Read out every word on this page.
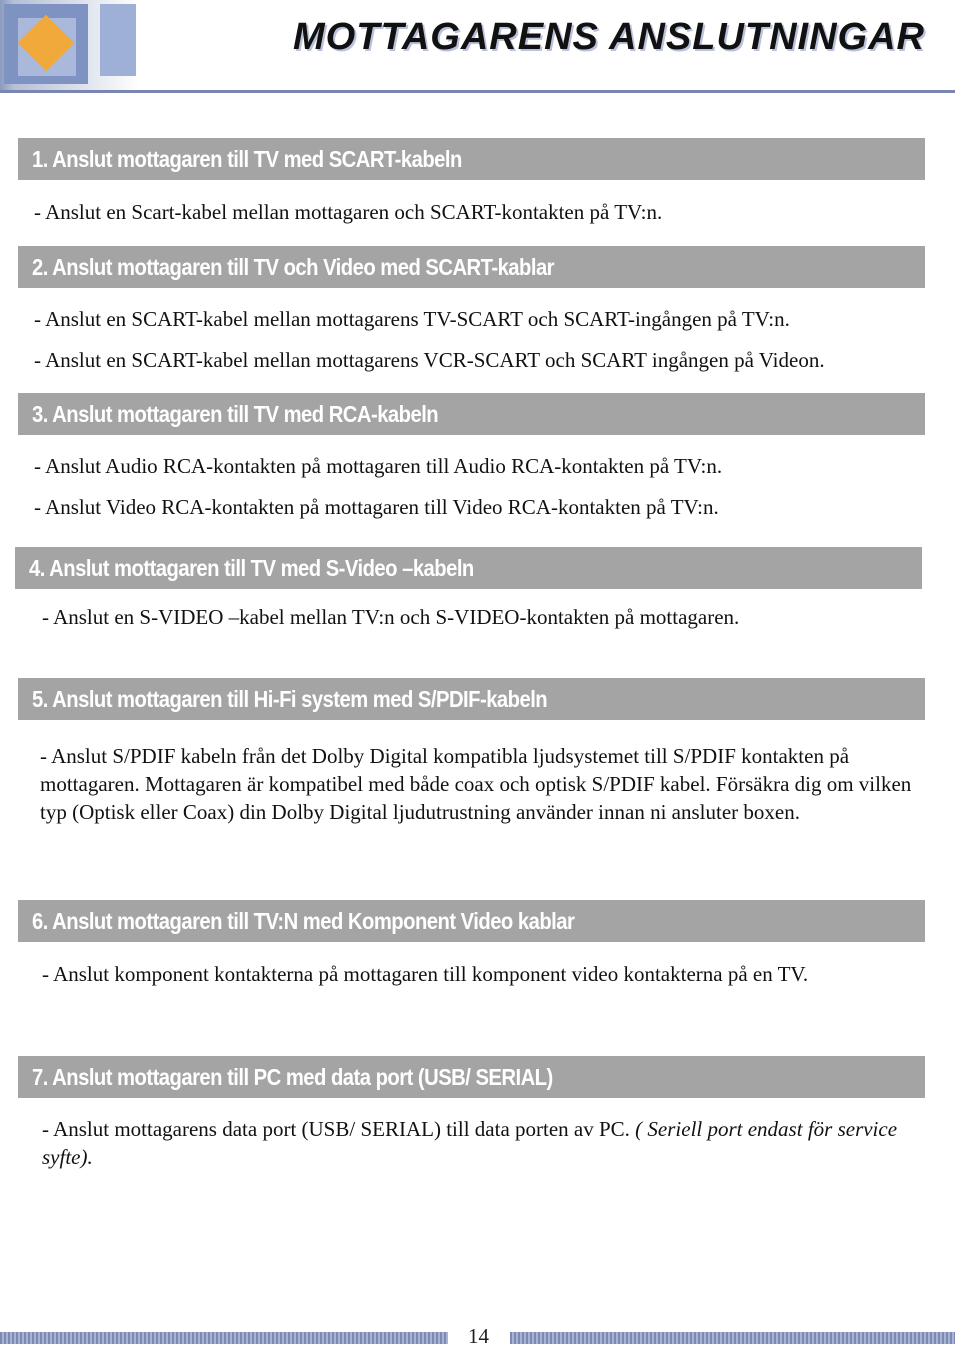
MOTTAGARENS ANSLUTNINGAR
1. Anslut mottagaren till TV med SCART-kabeln

- Anslut en Scart-kabel mellan mottagaren och SCART-kontakten på TV:n.

2. Anslut mottagaren till TV och Video med SCART-kablar

- Anslut en SCART-kabel mellan mottagarens TV-SCART och SCART-ingången på TV:n.

- Anslut en SCART-kabel mellan mottagarens VCR-SCART och SCART ingången på Videon.

3. Anslut mottagaren till TV med RCA-kabeln

- Anslut Audio RCA-kontakten på mottagaren till Audio RCA-kontakten på TV:n.

- Anslut Video RCA-kontakten på mottagaren till Video RCA-kontakten på TV:n.

4. Anslut mottagaren till TV med S-Video –kabeln

- Anslut en S-VIDEO –kabel mellan TV:n och S-VIDEO-kontakten på mottagaren.

5. Anslut mottagaren till Hi-Fi system med S/PDIF-kabeln

- Anslut S/PDIF kabeln från det Dolby Digital kompatibla ljudsystemet till S/PDIF kontakten på mottagaren. Mottagaren är kompatibel med både coax och optisk S/PDIF kabel. Försäkra dig om vilken typ (Optisk eller Coax) din Dolby Digital ljudutrustning använder innan ni ansluter boxen.

6. Anslut mottagaren till TV:N med Komponent Video kablar

- Anslut komponent kontakterna på mottagaren till komponent video kontakterna på en TV.

7. Anslut mottagaren till PC med data port (USB/ SERIAL)

- Anslut mottagarens data port (USB/ SERIAL) till data porten av PC. ( Seriell port endast för service syfte).

14
